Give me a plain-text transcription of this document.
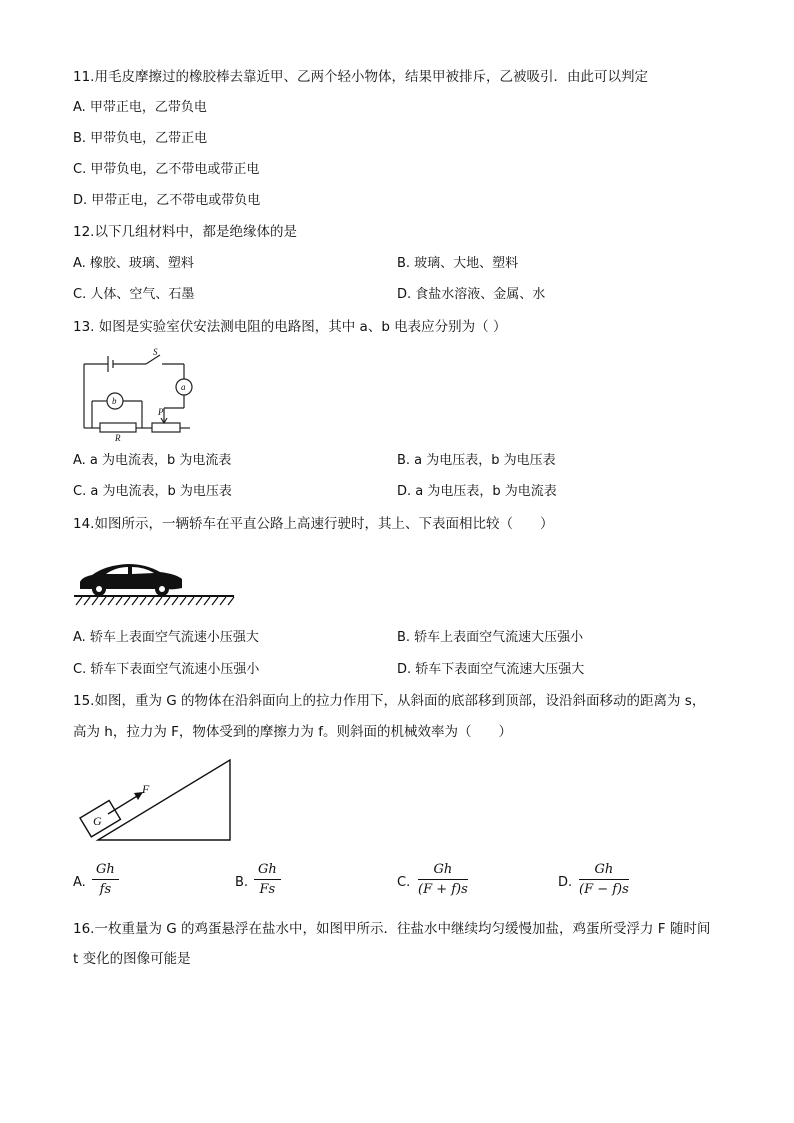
11.用毛皮摩擦过的橡胶棒去靠近甲、乙两个轻小物体，结果甲被排斥，乙被吸引．由此可以判定
A. 甲带正电，乙带负电
B. 甲带负电，乙带正电
C. 甲带负电，乙不带电或带正电
D. 甲带正电，乙不带电或带负电
12.以下几组材料中，都是绝缘体的是
A. 橡胶、玻璃、塑料	B. 玻璃、大地、塑料
C. 人体、空气、石墨	D. 食盐水溶液、金属、水
13. 如图是实验室伏安法测电阻的电路图，其中 a、b 电表应分别为（ ）
S
a
b
R
P
A. a 为电流表，b 为电流表	B. a 为电压表，b 为电压表
C. a 为电流表，b 为电压表	D. a 为电压表，b 为电流表
14.如图所示，一辆轿车在平直公路上高速行驶时，其上、下表面相比较（　　）
A. 轿车上表面空气流速小压强大	B. 轿车上表面空气流速大压强小
C. 轿车下表面空气流速小压强小	D. 轿车下表面空气流速大压强大
15.如图，重为 G 的物体在沿斜面向上的拉力作用下，从斜面的底部移到顶部，设沿斜面移动的距离为 s，
高为 h，拉力为 F，物体受到的摩擦力为 f。则斜面的机械效率为（　　）
G
F
A. $\frac{Gh}{fs}$	B. $\frac{Gh}{Fs}$	C. $\frac{Gh}{(F + f)s}$	D. $\frac{Gh}{(F - f)s}$
16.一枚重量为 G 的鸡蛋悬浮在盐水中，如图甲所示．往盐水中继续均匀缓慢加盐，鸡蛋所受浮力 F 随时间
t 变化的图像可能是
